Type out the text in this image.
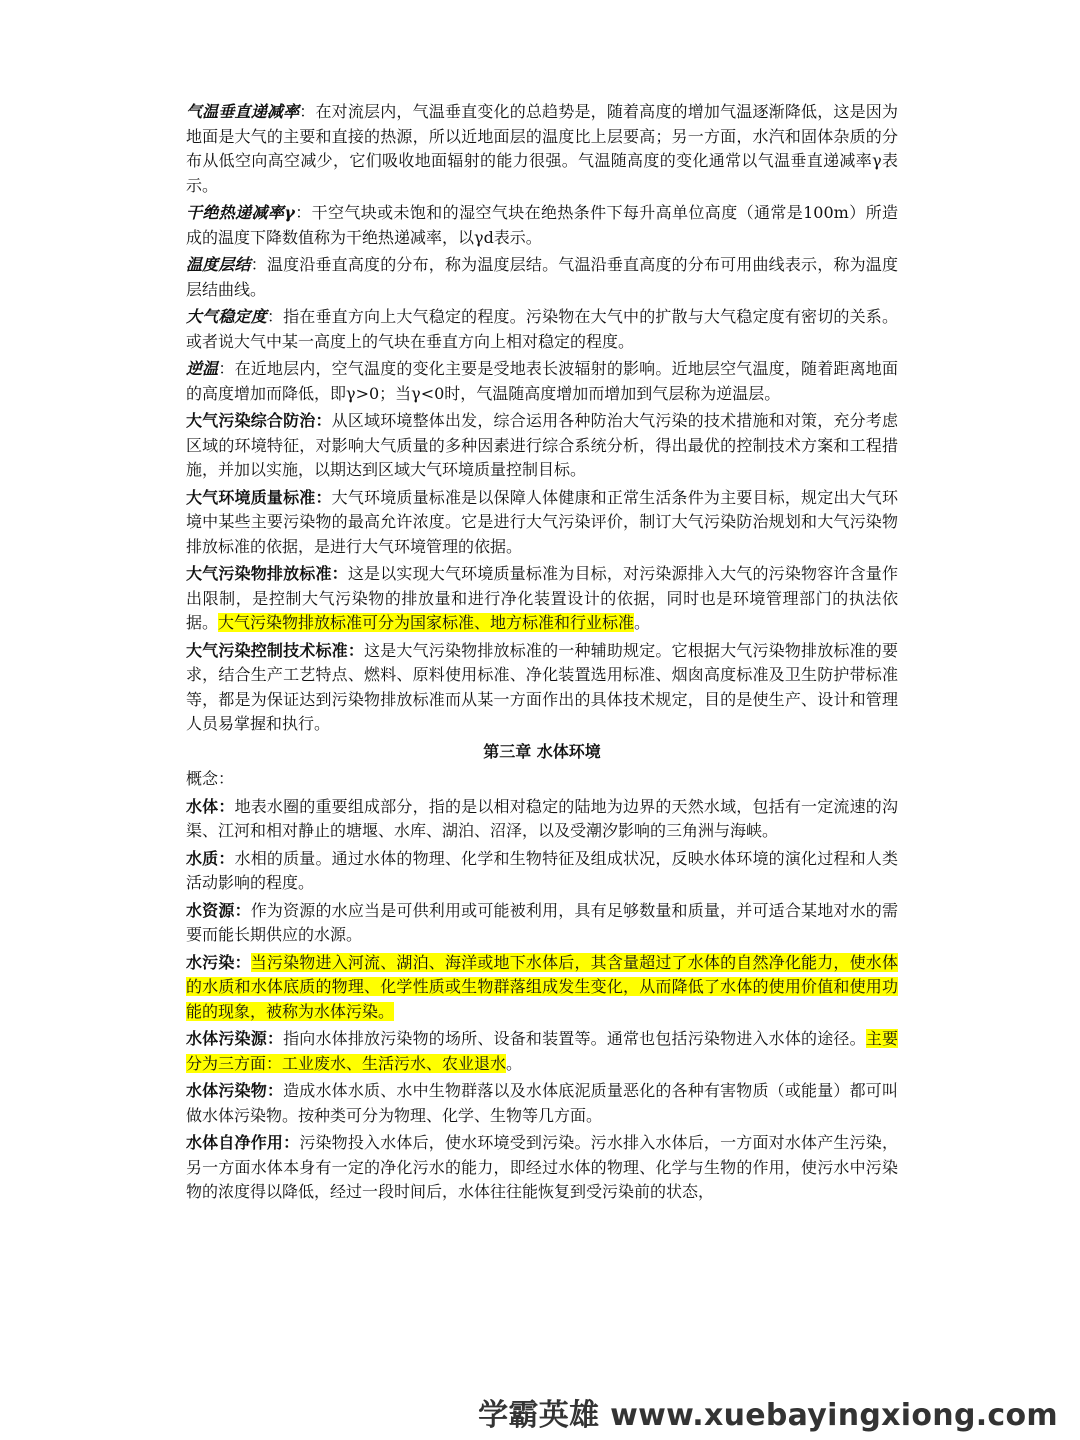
气温垂直递减率：在对流层内，气温垂直变化的总趋势是，随着高度的增加气温逐渐降低，这是因为地面是大气的主要和直接的热源，所以近地面层的温度比上层要高；另一方面，水汽和固体杂质的分布从低空向高空减少，它们吸收地面辐射的能力很强。气温随高度的变化通常以气温垂直递减率γ表示。

干绝热递减率γ：干空气块或未饱和的湿空气块在绝热条件下每升高单位高度（通常是100m）所造成的温度下降数值称为干绝热递减率，以γd表示。

温度层结：温度沿垂直高度的分布，称为温度层结。气温沿垂直高度的分布可用曲线表示，称为温度层结曲线。

大气稳定度：指在垂直方向上大气稳定的程度。污染物在大气中的扩散与大气稳定度有密切的关系。或者说大气中某一高度上的气块在垂直方向上相对稳定的程度。

逆温：在近地层内，空气温度的变化主要是受地表长波辐射的影响。近地层空气温度，随着距离地面的高度增加而降低，即γ>0；当γ<0时，气温随高度增加而增加到气层称为逆温层。

大气污染综合防治：从区域环境整体出发，综合运用各种防治大气污染的技术措施和对策，充分考虑区域的环境特征，对影响大气质量的多种因素进行综合系统分析，得出最优的控制技术方案和工程措施，并加以实施，以期达到区域大气环境质量控制目标。

大气环境质量标准：大气环境质量标准是以保障人体健康和正常生活条件为主要目标，规定出大气环境中某些主要污染物的最高允许浓度。它是进行大气污染评价，制订大气污染防治规划和大气污染物排放标准的依据，是进行大气环境管理的依据。

大气污染物排放标准：这是以实现大气环境质量标准为目标，对污染源排入大气的污染物容许含量作出限制，是控制大气污染物的排放量和进行净化装置设计的依据，同时也是环境管理部门的执法依据。大气污染物排放标准可分为国家标准、地方标准和行业标准。

大气污染控制技术标准：这是大气污染物排放标准的一种辅助规定。它根据大气污染物排放标准的要求，结合生产工艺特点、燃料、原料使用标准、净化装置选用标准、烟囱高度标准及卫生防护带标准等，都是为保证达到污染物排放标准而从某一方面作出的具体技术规定，目的是使生产、设计和管理人员易掌握和执行。

第三章 水体环境

概念：

水体：地表水圈的重要组成部分，指的是以相对稳定的陆地为边界的天然水域，包括有一定流速的沟渠、江河和相对静止的塘堰、水库、湖泊、沼泽，以及受潮汐影响的三角洲与海峡。

水质：水相的质量。通过水体的物理、化学和生物特征及组成状况，反映水体环境的演化过程和人类活动影响的程度。

水资源：作为资源的水应当是可供利用或可能被利用，具有足够数量和质量，并可适合某地对水的需要而能长期供应的水源。

水污染：当污染物进入河流、湖泊、海洋或地下水体后，其含量超过了水体的自然净化能力，使水体的水质和水体底质的物理、化学性质或生物群落组成发生变化，从而降低了水体的使用价值和使用功能的现象，被称为水体污染。

水体污染源：指向水体排放污染物的场所、设备和装置等。通常也包括污染物进入水体的途径。主要分为三方面：工业废水、生活污水、农业退水。

水体污染物：造成水体水质、水中生物群落以及水体底泥质量恶化的各种有害物质（或能量）都可叫做水体污染物。按种类可分为物理、化学、生物等几方面。

水体自净作用：污染物投入水体后，使水环境受到污染。污水排入水体后，一方面对水体产生污染，另一方面水体本身有一定的净化污水的能力，即经过水体的物理、化学与生物的作用，使污水中污染物的浓度得以降低，经过一段时间后，水体往往能恢复到受污染前的状态，

学霸英雄 www.xuebayingxiong.com
